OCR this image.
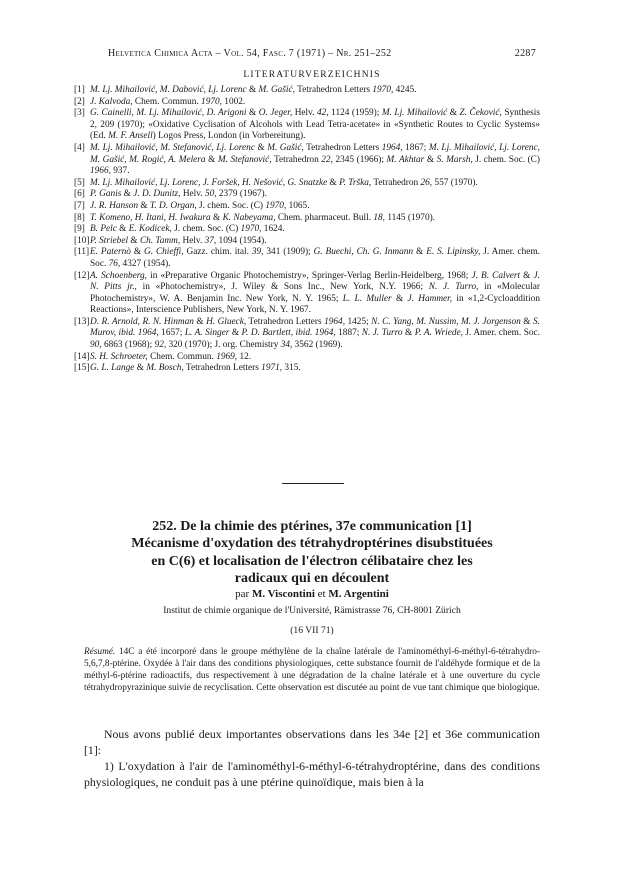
Helvetica Chimica Acta – Vol. 54, Fasc. 7 (1971) – Nr. 251–252	2287
LITERATURVERZEICHNIS
[1] M. Lj. Mihailović, M. Dabović, Lj. Lorenc & M. Gašić, Tetrahedron Letters 1970, 4245.
[2] J. Kalvoda, Chem. Commun. 1970, 1002.
[3] G. Cainelli, M. Lj. Mihailović, D. Arigoni & O. Jeger, Helv. 42, 1124 (1959); M. Lj. Mihailović & Z. Čeković, Synthesis 2, 209 (1970); «Oxidative Cyclisation of Alcohols with Lead Tetra-acetate» in «Synthetic Routes to Cyclic Systems» (Ed. M. F. Ansell) Logos Press, London (in Vorbereitung).
[4] M. Lj. Mihailović, M. Stefanović, Lj. Lorenc & M. Gašić, Tetrahedron Letters 1964, 1867; M. Lj. Mihailović, Lj. Lorenc, M. Gašić, M. Rogić, A. Melera & M. Stefanović, Tetrahedron 22, 2345 (1966); M. Akhtar & S. Marsh, J. chem. Soc. (C) 1966, 937.
[5] M. Lj. Mihailović, Lj. Lorenc, J. Foršek, H. Nešović, G. Snatzke & P. Trška, Tetrahedron 26, 557 (1970).
[6] P. Ganis & J. D. Dunitz, Helv. 50, 2379 (1967).
[7] J. R. Hanson & T. D. Organ, J. chem. Soc. (C) 1970, 1065.
[8] T. Komeno, H. Itani, H. Iwakura & K. Nabeyama, Chem. pharmaceut. Bull. 18, 1145 (1970).
[9] B. Pelc & E. Kodicek, J. chem. Soc. (C) 1970, 1624.
[10] P. Striebel & Ch. Tamm, Helv. 37, 1094 (1954).
[11] E. Paternò & G. Chieffi, Gazz. chim. ital. 39, 341 (1909); G. Buechi, Ch. G. Inmann & E. S. Lipinsky, J. Amer. chem. Soc. 76, 4327 (1954).
[12] A. Schoenberg, in «Preparative Organic Photochemistry», Springer-Verlag Berlin-Heidelberg, 1968; J. B. Calvert & J. N. Pitts jr., in «Photochemistry», J. Wiley & Sons Inc., New York, N.Y. 1966; N. J. Turro, in «Molecular Photochemistry», W. A. Benjamin Inc. New York, N. Y. 1965; L. L. Muller & J. Hammer, in «1,2-Cycloaddition Reactions», Interscience Publishers, New York, N. Y. 1967.
[13] D. R. Arnold, R. N. Hinman & H. Glueck, Tetrahedron Letters 1964, 1425; N. C. Yang, M. Nussim, M. J. Jorgenson & S. Murov, ibid. 1964, 1657; L. A. Singer & P. D. Bartlett, ibid. 1964, 1887; N. J. Turro & P. A. Wriede, J. Amer. chem. Soc. 90, 6863 (1968); 92, 320 (1970); J. org. Chemistry 34, 3562 (1969).
[14] S. H. Schroeter, Chem. Commun. 1969, 12.
[15] G. L. Lange & M. Bosch, Tetrahedron Letters 1971, 315.
252. De la chimie des ptérines, 37e communication [1]
Mécanisme d'oxydation des tétrahydroptérines disubstituées
en C(6) et localisation de l'électron célibataire chez les
radicaux qui en découlent
par M. Viscontini et M. Argentini
Institut de chimie organique de l'Université, Rämistrasse 76, CH-8001 Zürich
(16 VII 71)
Résumé. 14C a été incorporé dans le groupe méthylène de la chaîne latérale de l'aminométhyl-6-méthyl-6-tétrahydro-5,6,7,8-ptérine. Oxydée à l'air dans des conditions physiologiques, cette substance fournit de l'aldéhyde formique et de la méthyl-6-ptérine radioactifs, dus respectivement à une dégradation de la chaîne latérale et à une ouverture du cycle tétrahydropyrazinique suivie de recyclisation. Cette observation est discutée au point de vue tant chimique que biologique.

Nous avons publié deux importantes observations dans les 34e [2] et 36e communication [1]:

1) L'oxydation à l'air de l'aminométhyl-6-méthyl-6-tétrahydroptérine, dans des conditions physiologiques, ne conduit pas à une ptérine quinoïdique, mais bien à la
